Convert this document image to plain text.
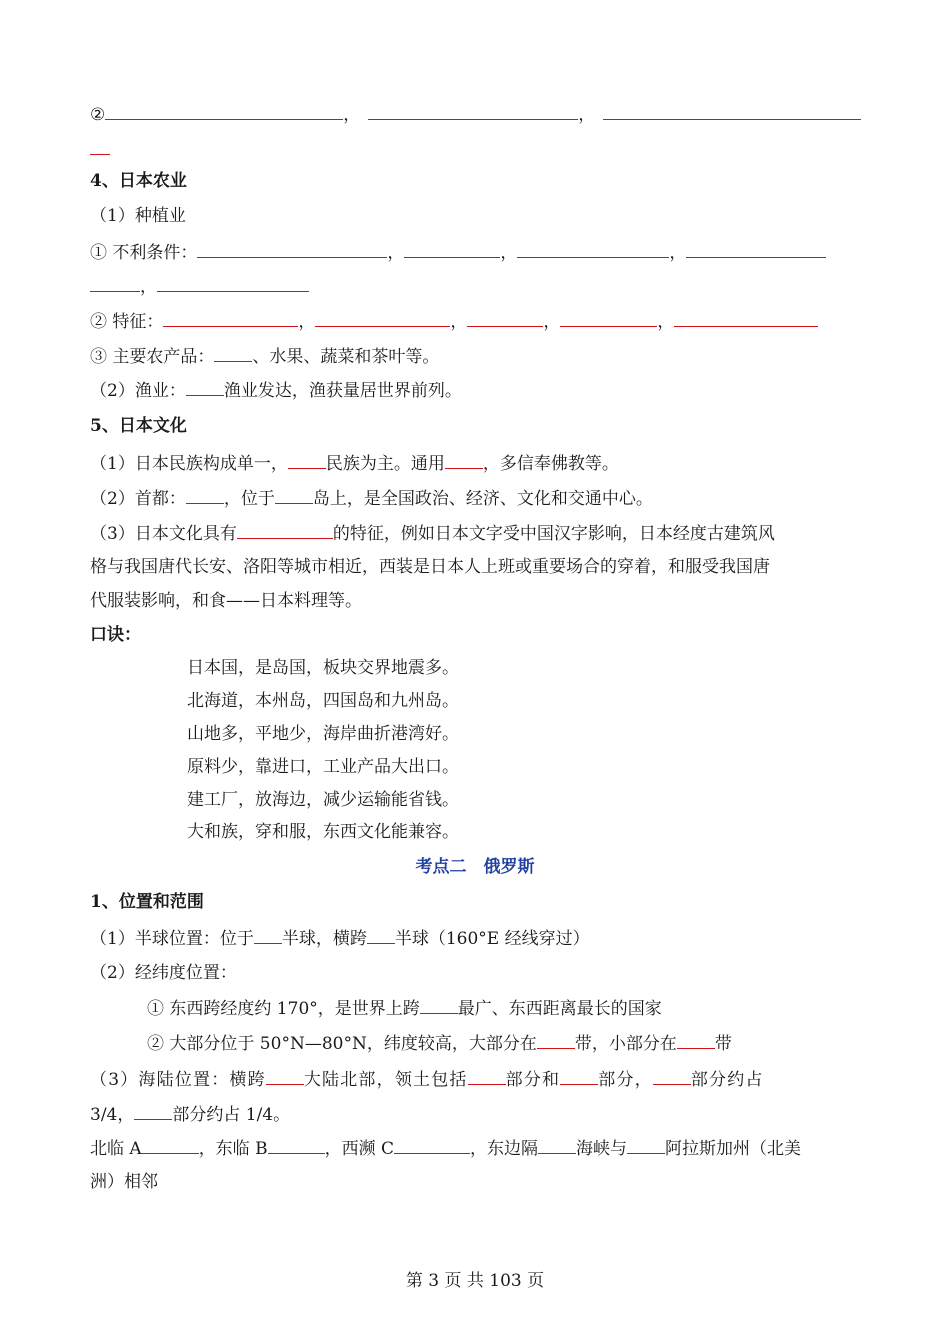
②	，	，
4、日本农业
（1）种植业
① 不利条件：	，	，	，
，
② 特征：	，	，	，	，
③ 主要农产品： 、水果、蔬菜和茶叶等。
（2）渔业： 渔业发达，渔获量居世界前列。
5、日本文化
（1）日本民族构成单一， 民族为主。通用 ，多信奉佛教等。
（2）首都： ，位于 岛上，是全国政治、经济、文化和交通中心。
（3）日本文化具有	的特征，例如日本文字受中国汉字影响，日本经度古建筑风
格与我国唐代长安、洛阳等城市相近，西装是日本人上班或重要场合的穿着，和服受我国唐
代服装影响，和食——日本料理等。
口诀：
日本国，是岛国，板块交界地震多。
北海道，本州岛，四国岛和九州岛。
山地多，平地少，海岸曲折港湾好。
原料少，靠进口，工业产品大出口。
建工厂，放海边，减少运输能省钱。
大和族，穿和服，东西文化能兼容。
考点二　俄罗斯
1、位置和范围
（1）半球位置：位于 半球，横跨 半球（160°E 经线穿过）
（2）经纬度位置：
① 东西跨经度约 170°，是世界上跨 最广、东西距离最长的国家
② 大部分位于 50°N—80°N，纬度较高，大部分在 带，小部分在 带
（3）海陆位置：横跨 大陆北部，领土包括 部分和 部分， 部分约占
3/4， 部分约占 1/4。
北临 A	，东临 B	，西濒 C	，东边隔 海峡与 阿拉斯加州（北美
洲）相邻
第 3 页 共 103 页
